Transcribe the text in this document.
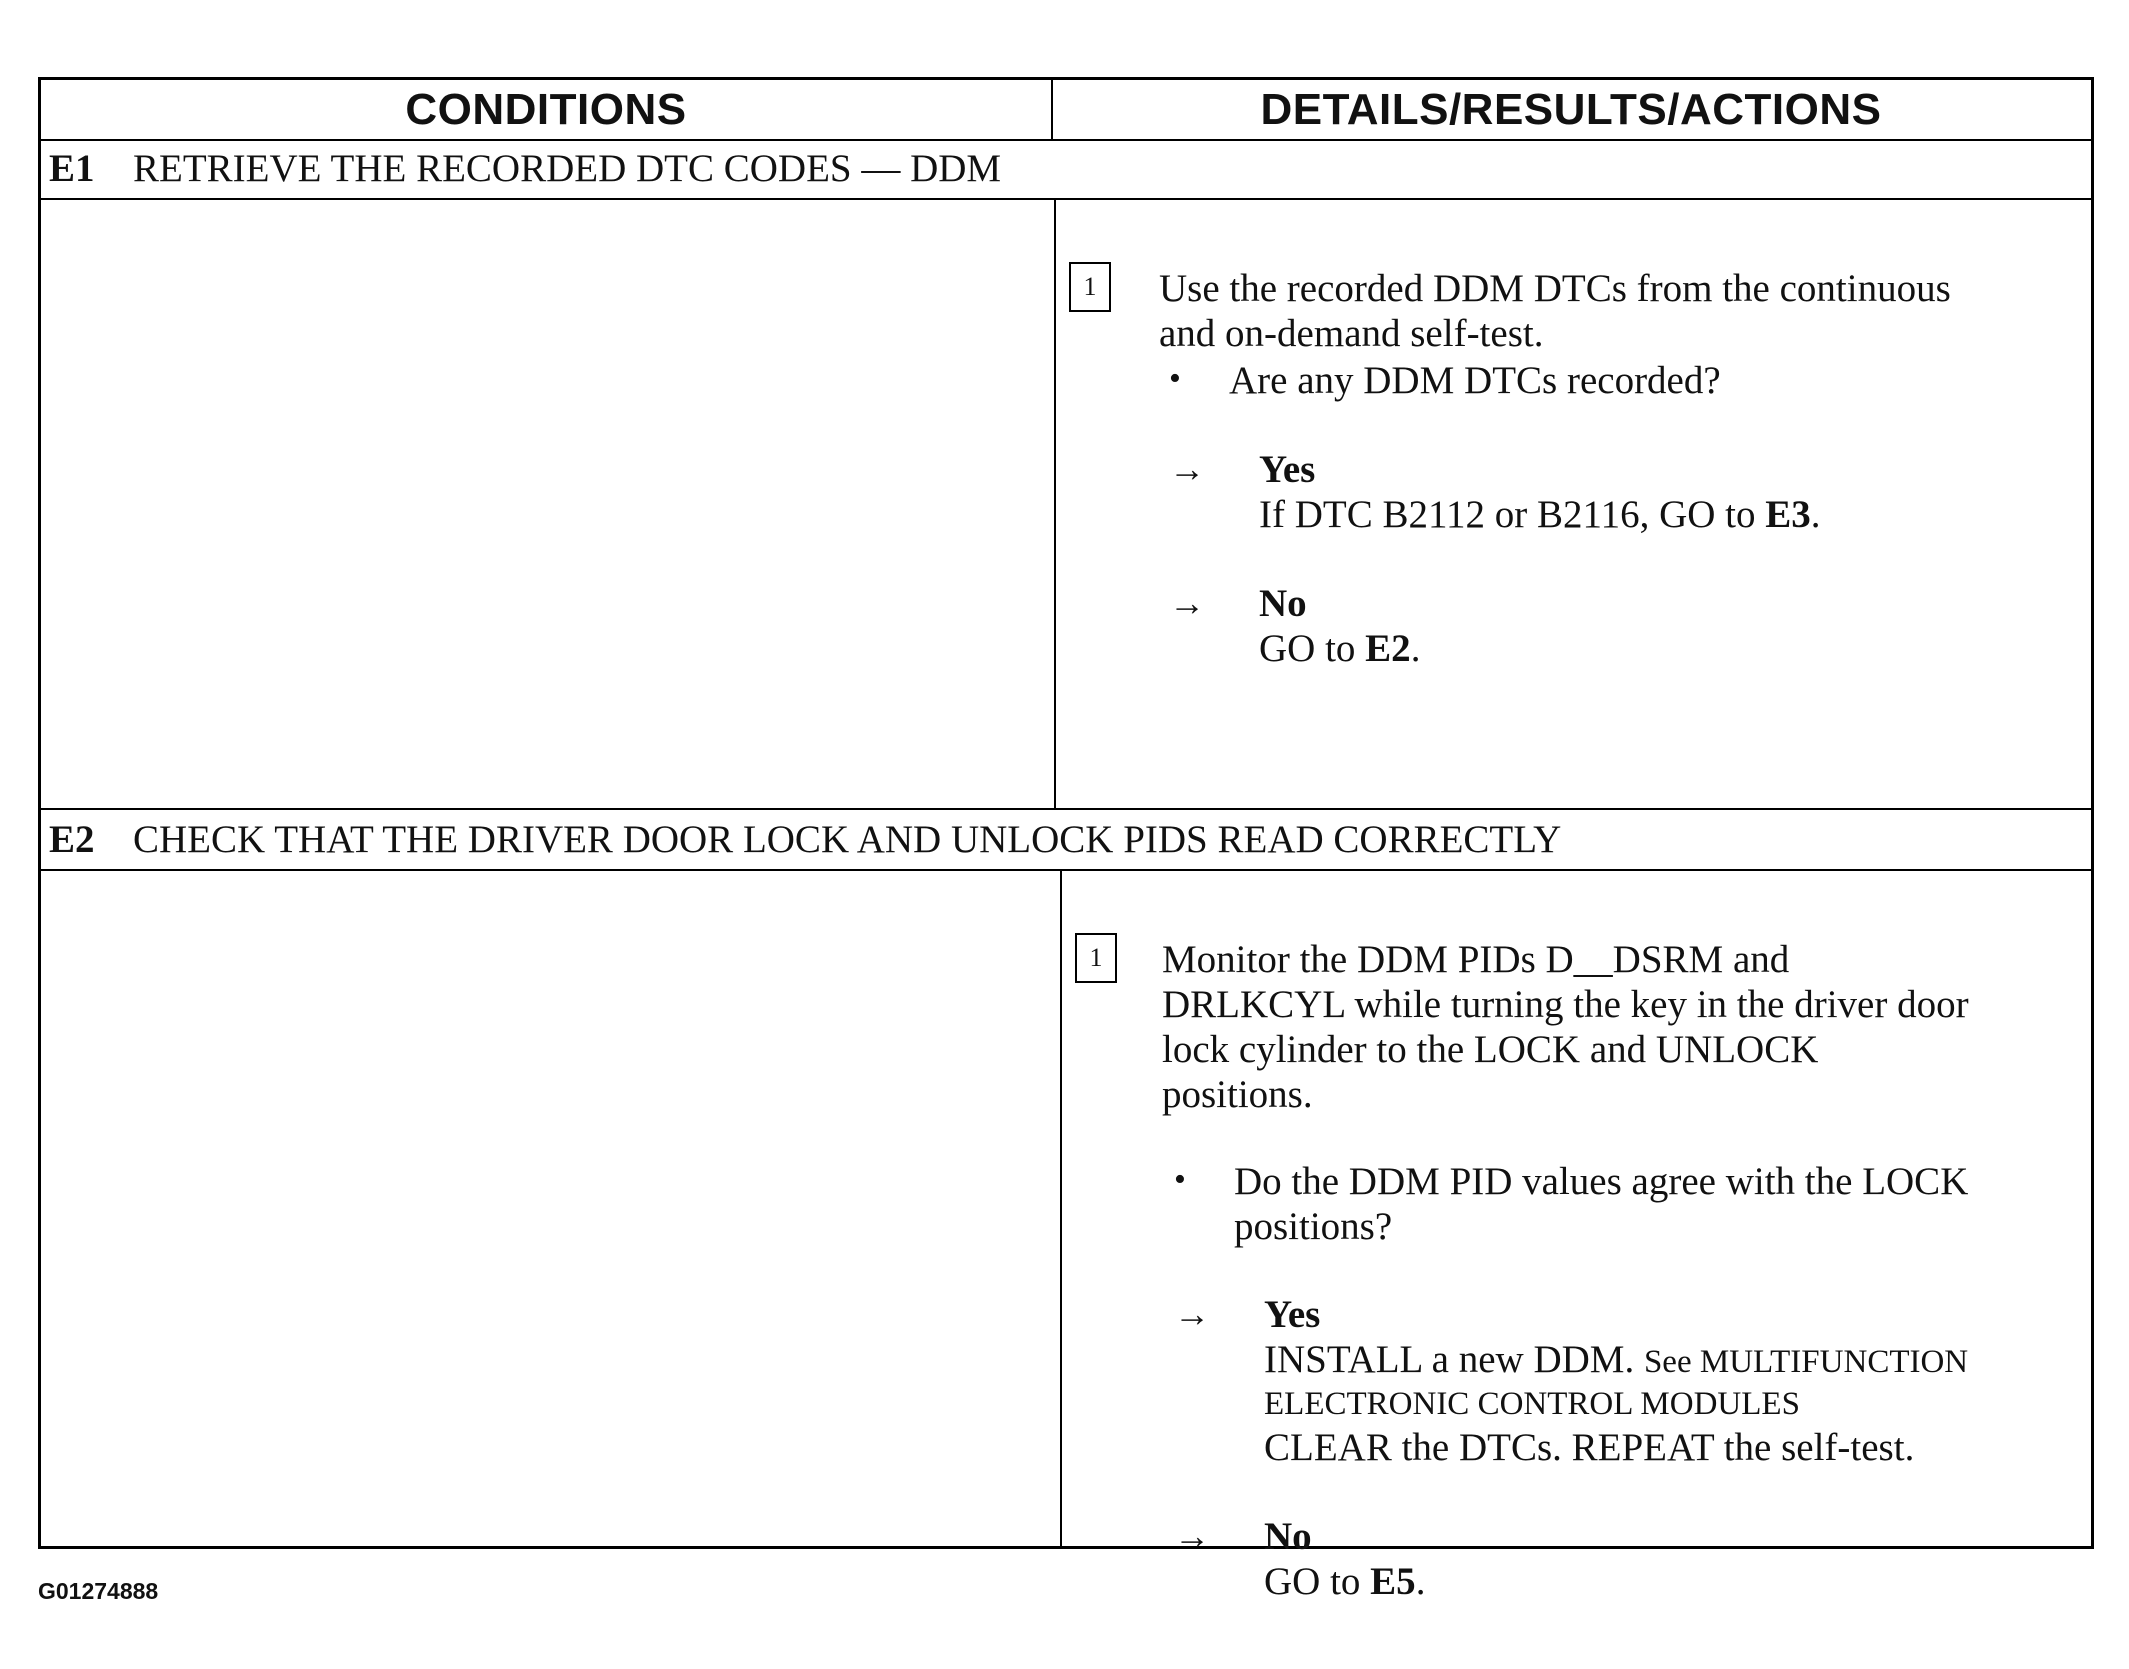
CONDITIONS	DETAILS/RESULTS/ACTIONS
E1 RETRIEVE THE RECORDED DTC CODES — DDM
1	Use the recorded DDM DTCs from the continuous
and on-demand self-test.
• Are any DDM DTCs recorded?
→ Yes
If DTC B2112 or B2116, GO to E3.
→ No
GO to E2.
E2 CHECK THAT THE DRIVER DOOR LOCK AND UNLOCK PIDS READ CORRECTLY
1	Monitor the DDM PIDs D__DSRM and
DRLKCYL while turning the key in the driver door
lock cylinder to the LOCK and UNLOCK
positions.
• Do the DDM PID values agree with the LOCK
positions?
→ Yes
INSTALL a new DDM. See MULTIFUNCTION
ELECTRONIC CONTROL MODULES
CLEAR the DTCs. REPEAT the self-test.
→ No
GO to E5.
G01274888
